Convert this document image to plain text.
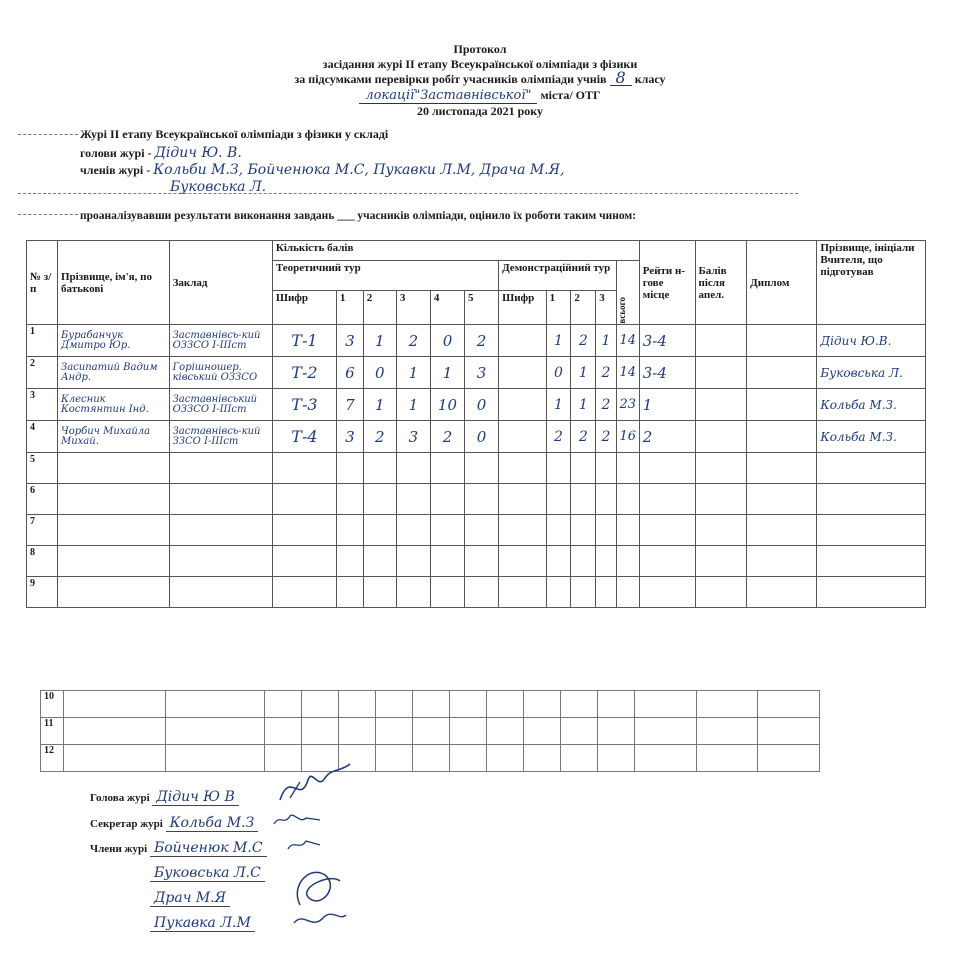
Протокол
засідання журі ІІ етапу Всеукраїнської олімпіади з фізики
за підсумками перевірки робіт учасників олімпіади учнів 8 класу
локації"Заставнівської" міста/ ОТГ
20 листопада 2021 року
Журі ІІ етапу Всеукраїнської олімпіади з фізики у складі
голови журі - Дідич Ю. В.
членів журі - Кольби М.З, Бойченюка М.С, Пукавки Л.М, Драча М.Я,
Буковська Л.
проаналізувавши результати виконання завдань ___ учасників олімпіади, оцінило їх роботи таким чином:
№ з/п	Прізвище, ім'я, по батькові	Заклад	Кількість балів											Рейти н-гове місце	Балів після апел.	Диплом	Прізвище, ініціали Вчителя, що підготував
			Теоретичний тур						Демонстраційний тур				всього				

			Шифр	1	2	3	4	5	Шифр	1	2	3					
1	Бурабанчук Дмитро Юр.	Заставнівсь-кий ОЗЗСО І-ІІІст	Т-1	3	1	2	0	2		1	2	1	14	3-4			Дідич Ю.В.
2	Засипатий Вадим Андр.	Горішнoшер. ківський ОЗЗСО	Т-2	6	0	1	1	3		0	1	2	14	3-4			Буковська Л.
3	Клесник Костянтин Інд.	Заставнівський ОЗЗСО І-ІІІст	Т-3	7	1	1	10	0		1	1	2	23	1			Кольба М.З.
4	Чорбич Михайла Михай.	Заставнівсь-кий ЗЗСО І-ІІІст	Т-4	3	2	3	2	0		2	2	2	16	2			Кольба М.З.
5																	
6																	
7																	
8																	
9																	
10															
11															
12															
Голова журі Дідич Ю В
Секретар журі Кольба М.З
Члени журі Бойченюк М.С
Буковська Л.С
Драч М.Я
Пукавка Л.М
